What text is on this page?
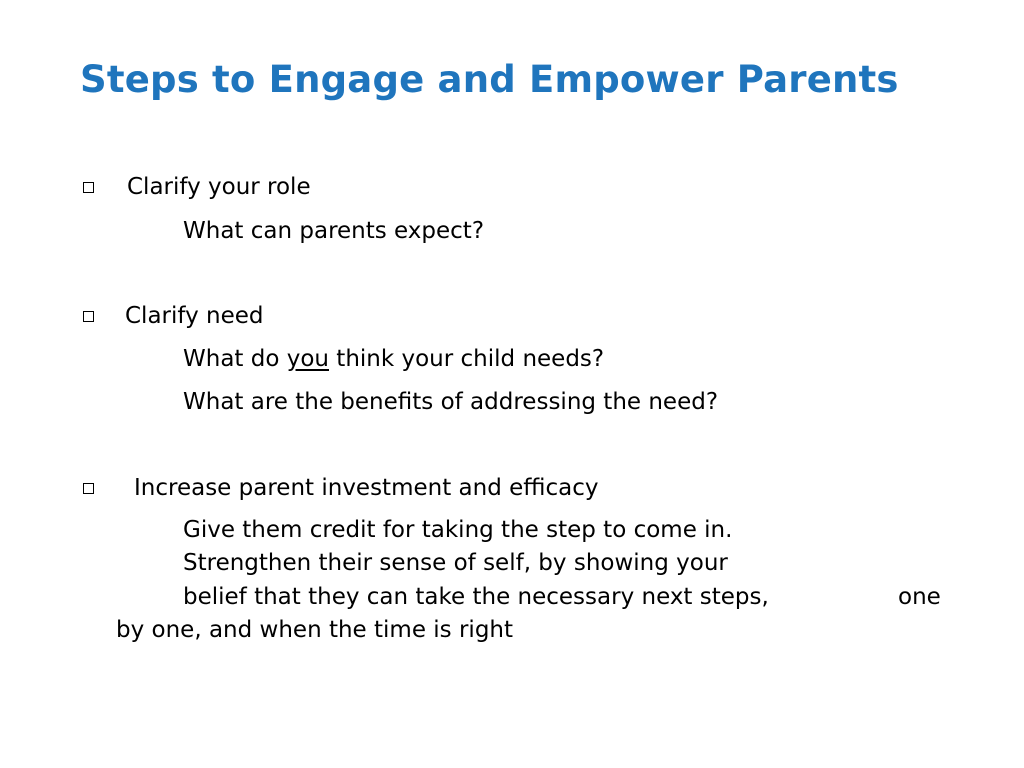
Steps to Engage and Empower Parents
Clarify your role
What can parents expect?
Clarify need
What do you think your child needs?
What are the benefits of addressing the need?
Increase parent investment and efficacy
Give them credit for taking the step to come in.
Strengthen their sense of self, by showing your
belief that they can take the necessary next steps,	one
by one, and when the time is right
